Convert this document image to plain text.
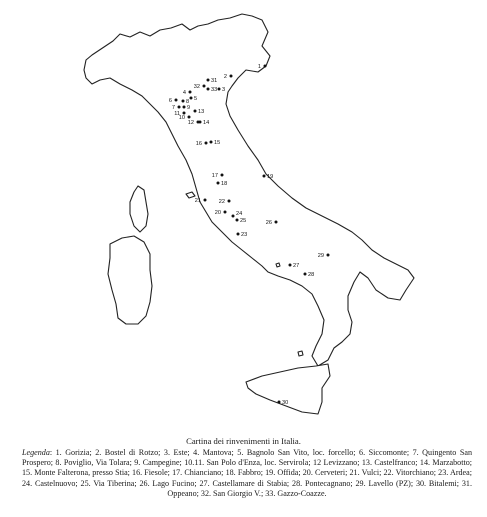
1
2
3
4
5
6
7
8
9
10
11
12
13
14
15
16
17
18
19
20
21	22
23
24
25	26
27
28
29
30
31
32 33
Cartina dei rinvenimenti in Italia.
Legenda: 1. Gorizia; 2. Bostel di Rotzo; 3. Este; 4. Mantova; 5. Bagnolo San Vito, loc. forcello; 6. Siccomonte; 7. Quingento San Prospero; 8. Poviglio, Via Tolara; 9. Campegine; 10.11. San Polo d'Enza, loc. Servirola; 12 Levizzano; 13. Castelfranco; 14. Marzabotto; 15. Monte Falterona, presso Stia; 16. Fiesole; 17. Chianciano; 18. Fabbro; 19. Offida; 20. Cerveteri; 21. Vulci; 22. Vitorchiano; 23. Ardea; 24. Castelnuovo; 25. Via Tiberina; 26. Lago Fucino; 27. Castellamare di Stabia; 28. Pontecagnano; 29. Lavello (PZ); 30. Bitalemi; 31. Oppeano; 32. San Giorgio V.; 33. Gazzo-Coazze.
